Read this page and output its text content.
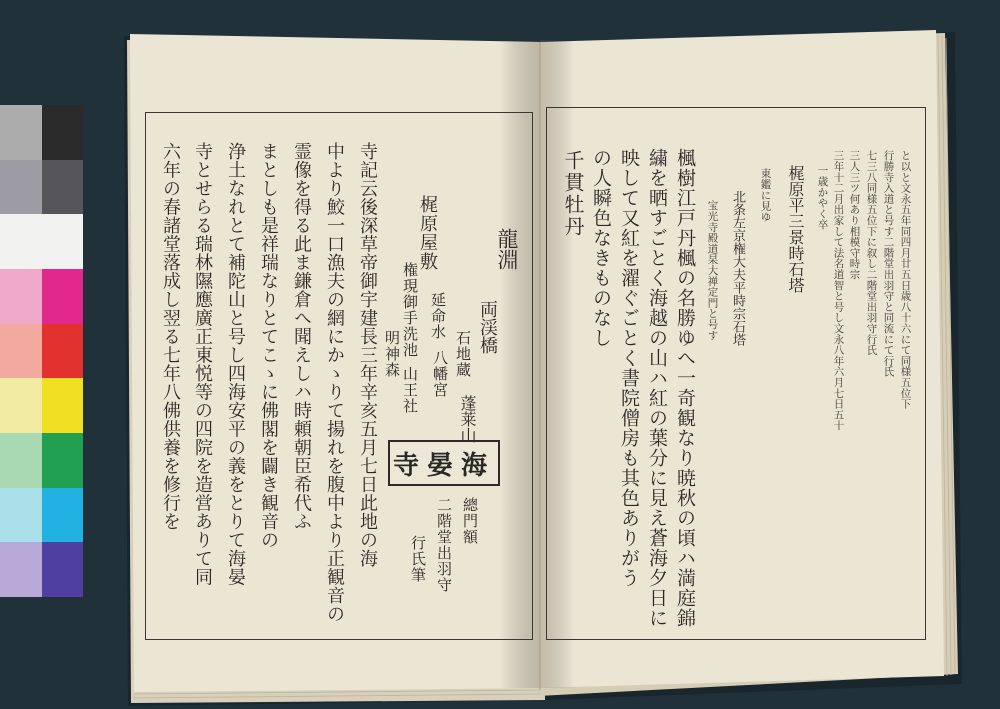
龍淵
両渓橋
蓬莱山
石地蔵
梶原屋敷
権現御手洗池 延命水
明神森
山王社 八幡宮
海晏寺
總門額
二階堂出羽守
行氏筆
寺記云後深草帝御宇建長三年辛亥五月七日此地の海
中より鮫一口漁夫の網にかゝりて揚れを腹中より正観音の
霊像を得る此ま鎌倉へ聞えしハ時頼朝臣希代ふ
まとしも是祥瑞なりとてこゝに佛閣を闢き観音の
浄土なれとて補陀山と号し四海安平の義をとりて海晏
寺とせらる瑞林隰應廣正東悦等の四院を造営ありて同
六年の春諸堂落成し翌る七年八佛供養を修行を	と以と文永五年同四月廿五日歳八十六にて同様五位下
行勝寺入道と号す二階堂出羽守と同流にて行氏
七三八同様五位下に叙し二階堂出羽守行氏
三人三ツ何あり相模守時宗
三年十二月出家して法名道智と号し文永八年六月七日五十
一歳かやく卒
東鑑に見ゆ
宝光寺殿道杲大禅定門と号す	梶原平三景時石塔
北条左京権大夫平時宗石塔
千貫牡丹	楓樹江戸丹楓の名勝ゆへ一奇観なり暁秋の頃ハ満庭錦
繍を晒すごとく海越の山ハ紅の葉分に見え蒼海夕日に
映して又紅を濯ぐごとく書院僧房も其色ありがう
の人瞬色なきものなし
